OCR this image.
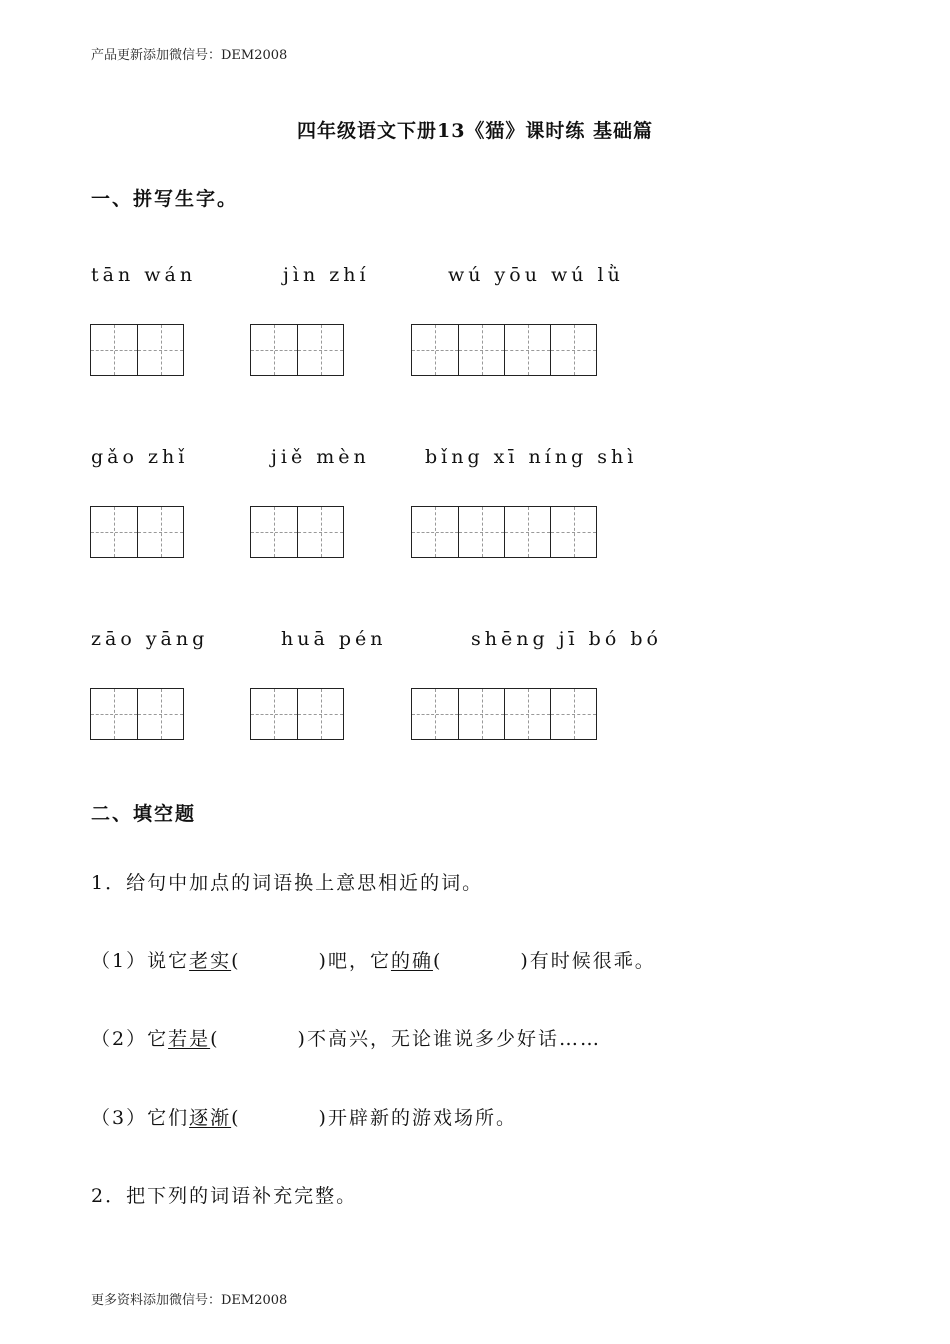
产品更新添加微信号：DEM2008
四年级语文下册13《猫》课时练 基础篇
一、拼写生字。
tān wán	jìn zhí	wú yōu wú lǜ
gǎo zhǐ	jiě mèn	bǐng xī níng shì
zāo yāng	huā pén	shēng jī bó bó
二、填空题
1．给句中加点的词语换上意思相近的词。
（1）说它老实(	)吧，它的确(	)有时候很乖。
（2）它若是(	)不高兴，无论谁说多少好话……
（3）它们逐渐(	)开辟新的游戏场所。
2．把下列的词语补充完整。
更多资料添加微信号：DEM2008
